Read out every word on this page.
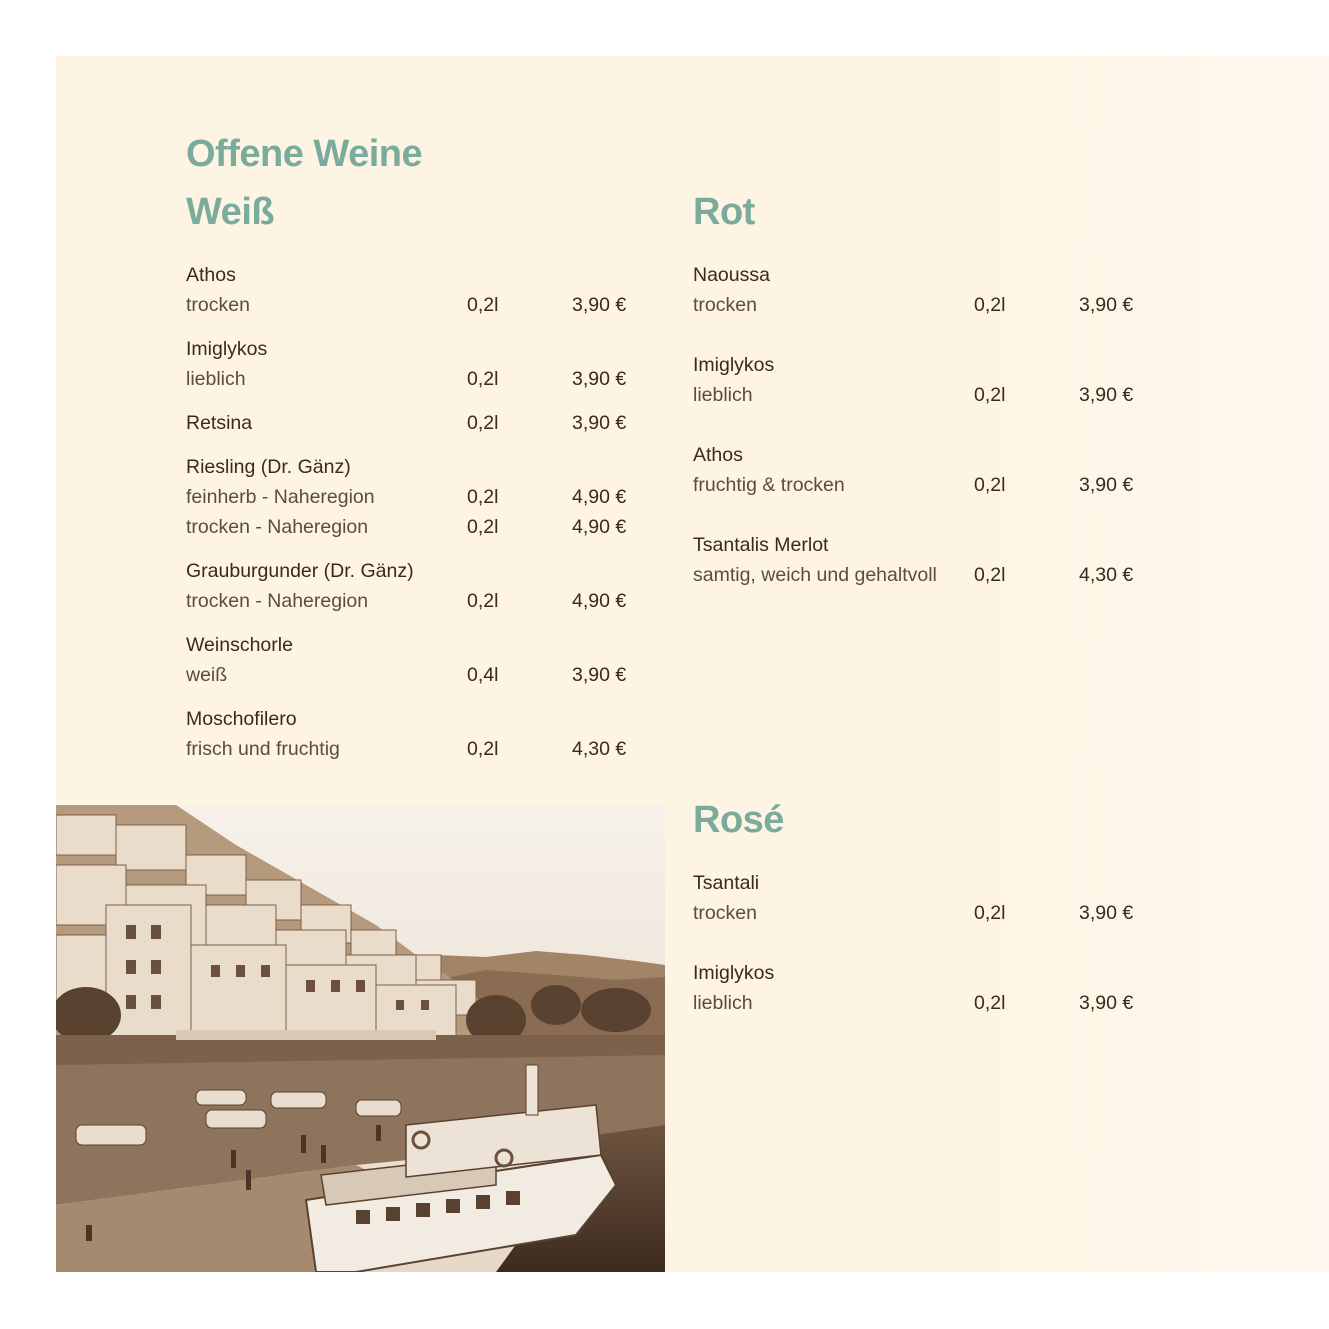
Offene Weine
Weiß	Rot
Rosé
Athos
trocken	0,2l	3,90 €
Imiglykos
lieblich	0,2l	3,90 €
Retsina	0,2l	3,90 €
Riesling (Dr. Gänz)
feinherb - Naheregion	0,2l	4,90 €
trocken - Naheregion	0,2l	4,90 €
Grauburgunder (Dr. Gänz)
trocken - Naheregion	0,2l	4,90 €
Weinschorle
weiß	0,4l	3,90 €
Moschofilero
frisch und fruchtig	0,2l	4,30 €
Naoussa
trocken	0,2l	3,90 €
Imiglykos
lieblich	0,2l	3,90 €
Athos
fruchtig & trocken	0,2l	3,90 €
Tsantalis Merlot
samtig, weich und gehaltvoll 0,2l	4,30 €
Tsantali
trocken	0,2l	3,90 €
Imiglykos
lieblich	0,2l	3,90 €
